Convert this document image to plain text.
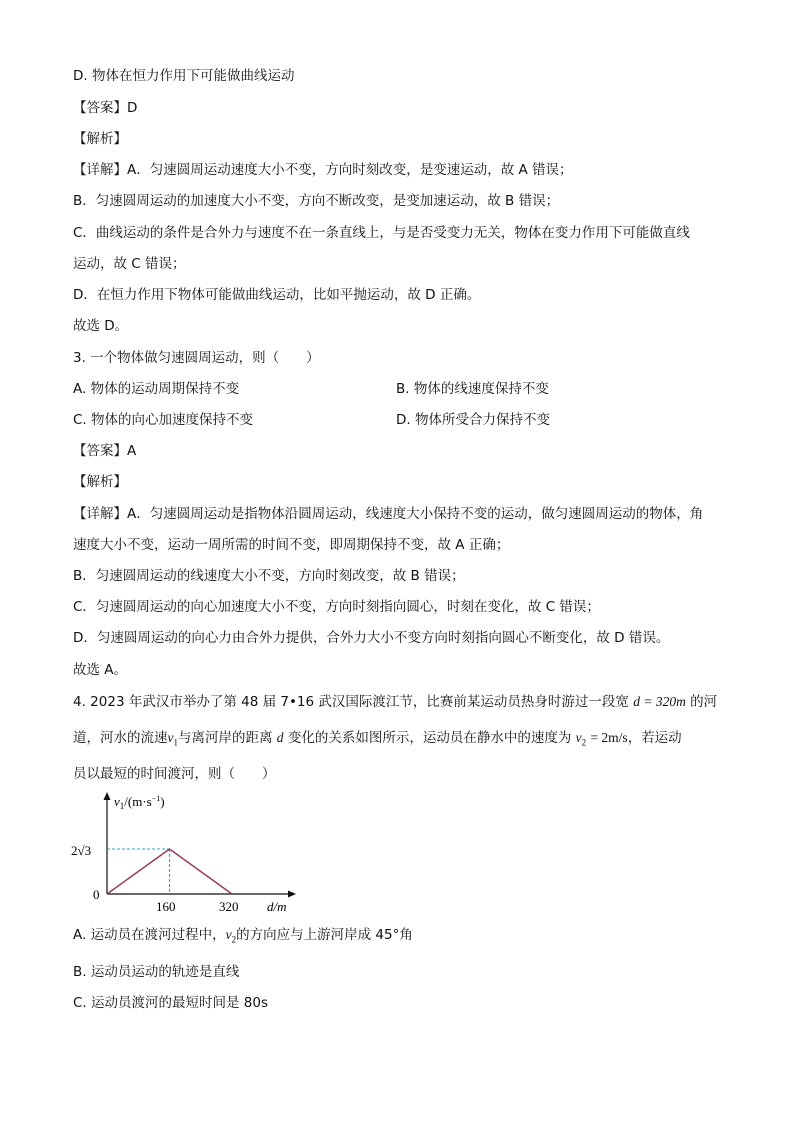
D. 物体在恒力作用下可能做曲线运动
【答案】D
【解析】
【详解】A．匀速圆周运动速度大小不变，方向时刻改变，是变速运动，故 A 错误；
B．匀速圆周运动的加速度大小不变，方向不断改变，是变加速运动，故 B 错误；
C．曲线运动的条件是合外力与速度不在一条直线上，与是否受变力无关，物体在变力作用下可能做直线
运动，故 C 错误；
D．在恒力作用下物体可能做曲线运动，比如平抛运动，故 D 正确。
故选 D。
3. 一个物体做匀速圆周运动，则（　　）
A. 物体的运动周期保持不变	B. 物体的线速度保持不变
C. 物体的向心加速度保持不变	D. 物体所受合力保持不变
【答案】A
【解析】
【详解】A．匀速圆周运动是指物体沿圆周运动，线速度大小保持不变的运动，做匀速圆周运动的物体，角
速度大小不变，运动一周所需的时间不变，即周期保持不变，故 A 正确；
B．匀速圆周运动的线速度大小不变，方向时刻改变，故 B 错误；
C．匀速圆周运动的向心加速度大小不变，方向时刻指向圆心，时刻在变化，故 C 错误；
D．匀速圆周运动的向心力由合外力提供，合外力大小不变方向时刻指向圆心不断变化，故 D 错误。
故选 A。
4. 2023 年武汉市举办了第 48 届 7•16 武汉国际渡江节，比赛前某运动员热身时游过一段宽 d = 320m 的河
道，河水的流速$v_1$与离河岸的距离 d 变化的关系如图所示，运动员在静水中的速度为 $v_2 = 2m/s$，若运动
员以最短的时间渡河，则（　　）
$v_1/(m\cdot s^{-1})$
2√3
0
160	320 d/m
A. 运动员在渡河过程中，$v_2$的方向应与上游河岸成 45°角
B. 运动员运动的轨迹是直线
C. 运动员渡河的最短时间是 80s
